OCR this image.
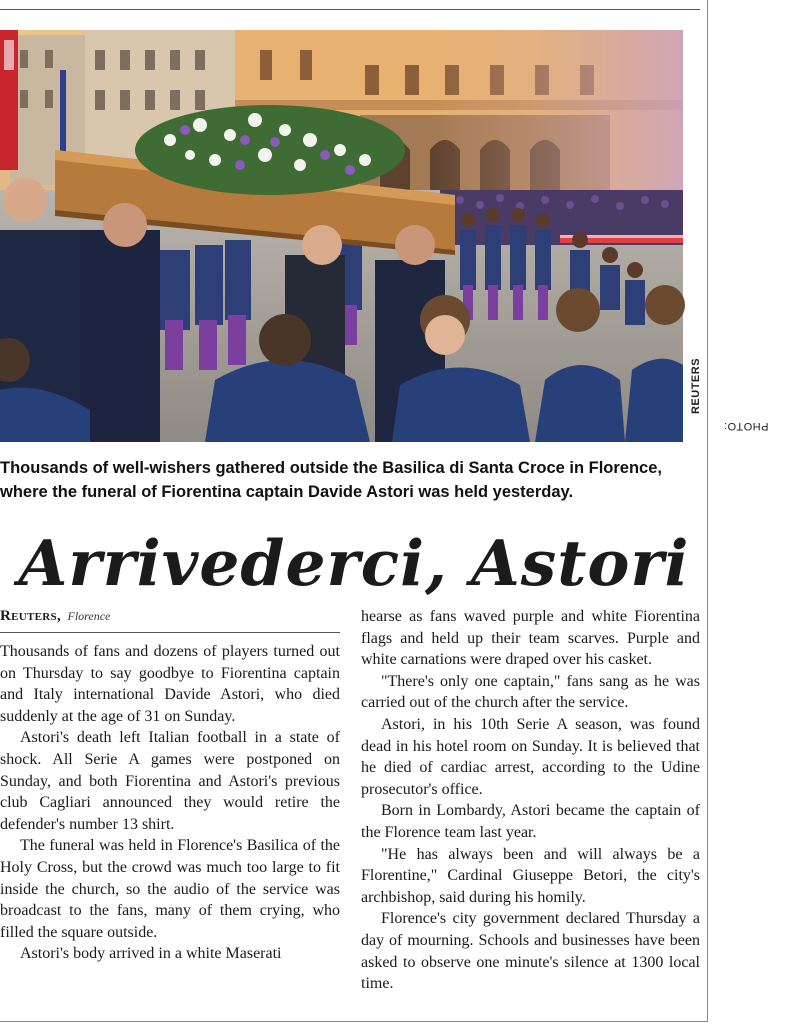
PHOTO:
REUTERS
Thousands of well-wishers gathered outside the Basilica di Santa Croce in Florence, where the funeral of Fiorentina captain Davide Astori was held yesterday.
Arrivederci, Astori
Reuters, Florence

Thousands of fans and dozens of players turned out on Thursday to say goodbye to Fiorentina captain and Italy international Davide Astori, who died suddenly at the age of 31 on Sunday.

Astori's death left Italian football in a state of shock. All Serie A games were postponed on Sunday, and both Fiorentina and Astori's previous club Cagliari announced they would retire the defender's number 13 shirt.

The funeral was held in Florence's Basilica of the Holy Cross, but the crowd was much too large to fit inside the church, so the audio of the service was broadcast to the fans, many of them crying, who filled the square outside.

Astori's body arrived in a white Maserati

hearse as fans waved purple and white Fiorentina flags and held up their team scarves. Purple and white carnations were draped over his casket.

"There's only one captain," fans sang as he was carried out of the church after the service.

Astori, in his 10th Serie A season, was found dead in his hotel room on Sunday. It is believed that he died of cardiac arrest, according to the Udine prosecutor's office.

Born in Lombardy, Astori became the captain of the Florence team last year.

"He has always been and will always be a Florentine," Cardinal Giuseppe Betori, the city's archbishop, said during his homily.

Florence's city government declared Thursday a day of mourning. Schools and businesses have been asked to observe one minute's silence at 1300 local time.
